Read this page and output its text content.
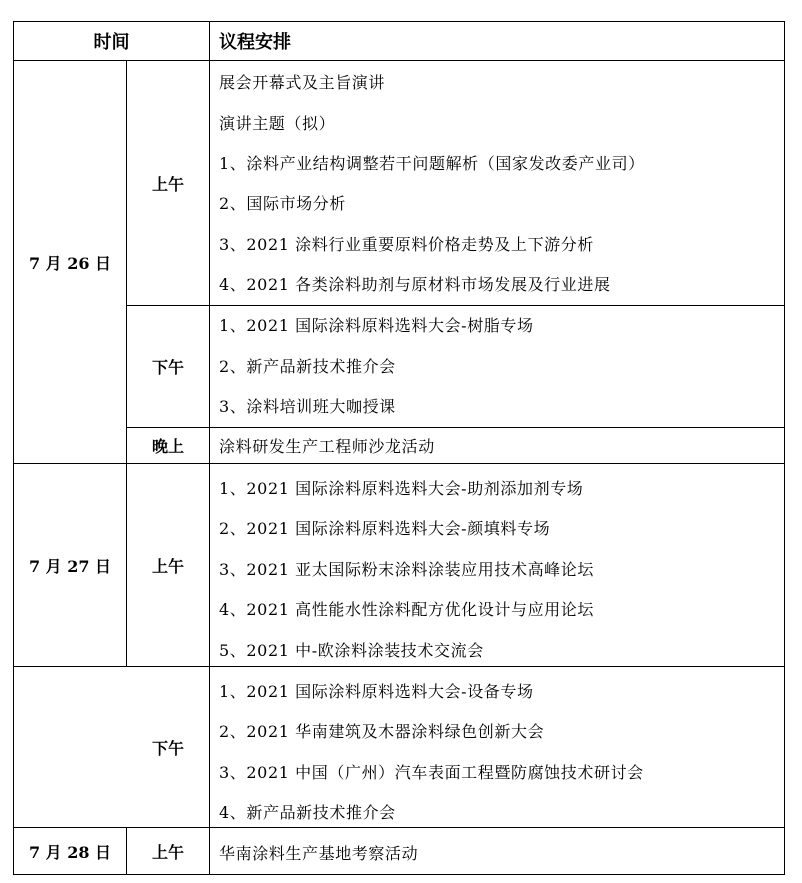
时间	议程安排
7 月 26 日
7 月 27 日
7 月 28 日
上午
下午
晚上
上午
下午
上午
展会开幕式及主旨演讲
演讲主题（拟）
1、涂料产业结构调整若干问题解析（国家发改委产业司）
2、国际市场分析
3、2021 涂料行业重要原料价格走势及上下游分析
4、2021 各类涂料助剂与原材料市场发展及行业进展
1、2021 国际涂料原料选料大会-树脂专场
2、新产品新技术推介会
3、涂料培训班大咖授课
涂料研发生产工程师沙龙活动
1、2021 国际涂料原料选料大会-助剂添加剂专场
2、2021 国际涂料原料选料大会-颜填料专场
3、2021 亚太国际粉末涂料涂装应用技术高峰论坛
4、2021 高性能水性涂料配方优化设计与应用论坛
5、2021 中-欧涂料涂装技术交流会
1、2021 国际涂料原料选料大会-设备专场
2、2021 华南建筑及木器涂料绿色创新大会
3、2021 中国（广州）汽车表面工程暨防腐蚀技术研讨会
4、新产品新技术推介会
华南涂料生产基地考察活动
